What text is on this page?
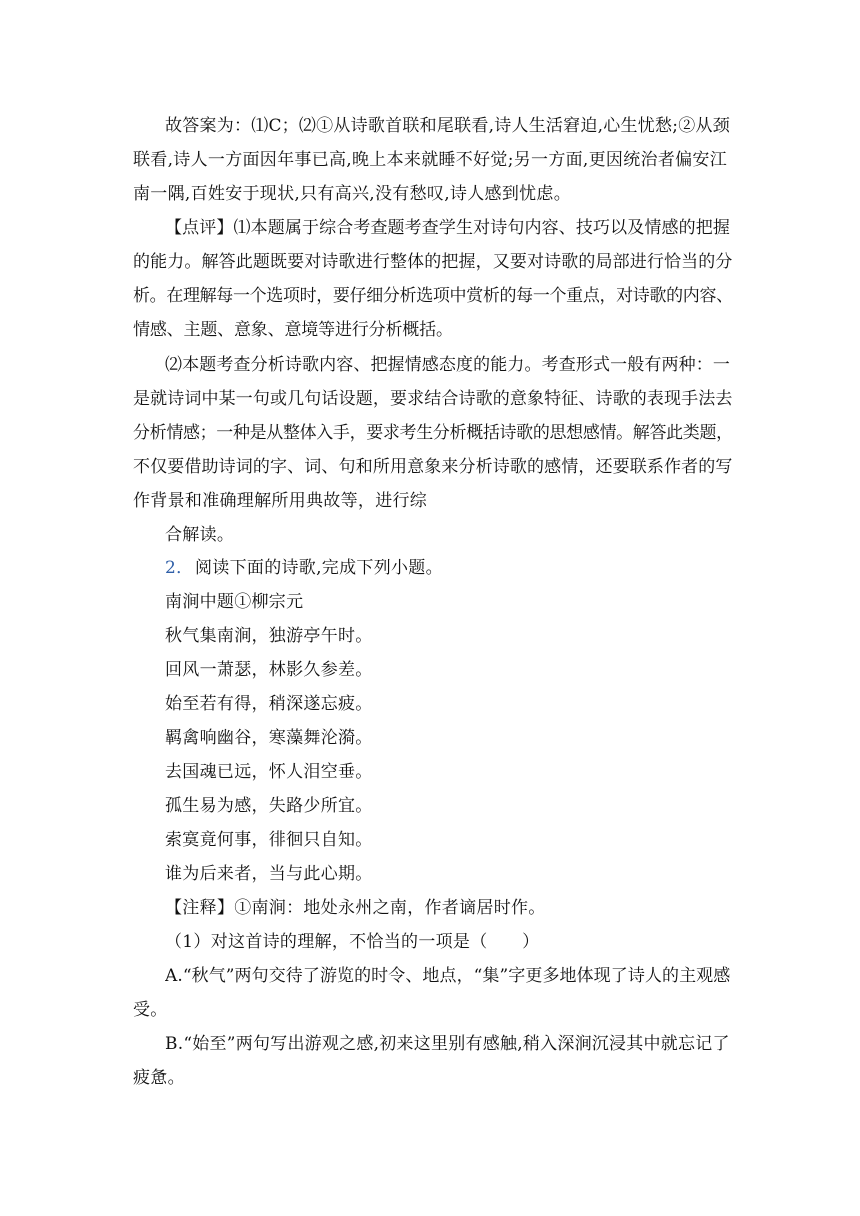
故答案为：⑴C；⑵①从诗歌首联和尾联看,诗人生活窘迫,心生忧愁;②从颈
联看,诗人一方面因年事已高,晚上本来就睡不好觉;另一方面,更因统治者偏安江
南一隅,百姓安于现状,只有高兴,没有愁叹,诗人感到忧虑。
【点评】⑴本题属于综合考查题考查学生对诗句内容、技巧以及情感的把握
的能力。解答此题既要对诗歌进行整体的把握，又要对诗歌的局部进行恰当的分
析。在理解每一个选项时，要仔细分析选项中赏析的每一个重点，对诗歌的内容、
情感、主题、意象、意境等进行分析概括。
⑵本题考查分析诗歌内容、把握情感态度的能力。考查形式一般有两种：一
是就诗词中某一句或几句话设题，要求结合诗歌的意象特征、诗歌的表现手法去
分析情感；一种是从整体入手，要求考生分析概括诗歌的思想感情。解答此类题，
不仅要借助诗词的字、词、句和所用意象来分析诗歌的感情，还要联系作者的写
作背景和准确理解所用典故等，进行综
合解读。
2． 阅读下面的诗歌,完成下列小题。
南涧中题①柳宗元
秋气集南涧，独游亭午时。
回风一萧瑟，林影久参差。
始至若有得，稍深遂忘疲。
羁禽响幽谷，寒藻舞沦漪。
去国魂已远，怀人泪空垂。
孤生易为感，失路少所宜。
索寞竟何事，徘徊只自知。
谁为后来者，当与此心期。
【注释】①南涧：地处永州之南，作者谪居时作。
（1）对这首诗的理解，不恰当的一项是（　　）
A.“秋气”两句交待了游览的时令、地点，“集”字更多地体现了诗人的主观感
受。
B.“始至”两句写出游观之感,初来这里别有感触,稍入深涧沉浸其中就忘记了
疲惫。
